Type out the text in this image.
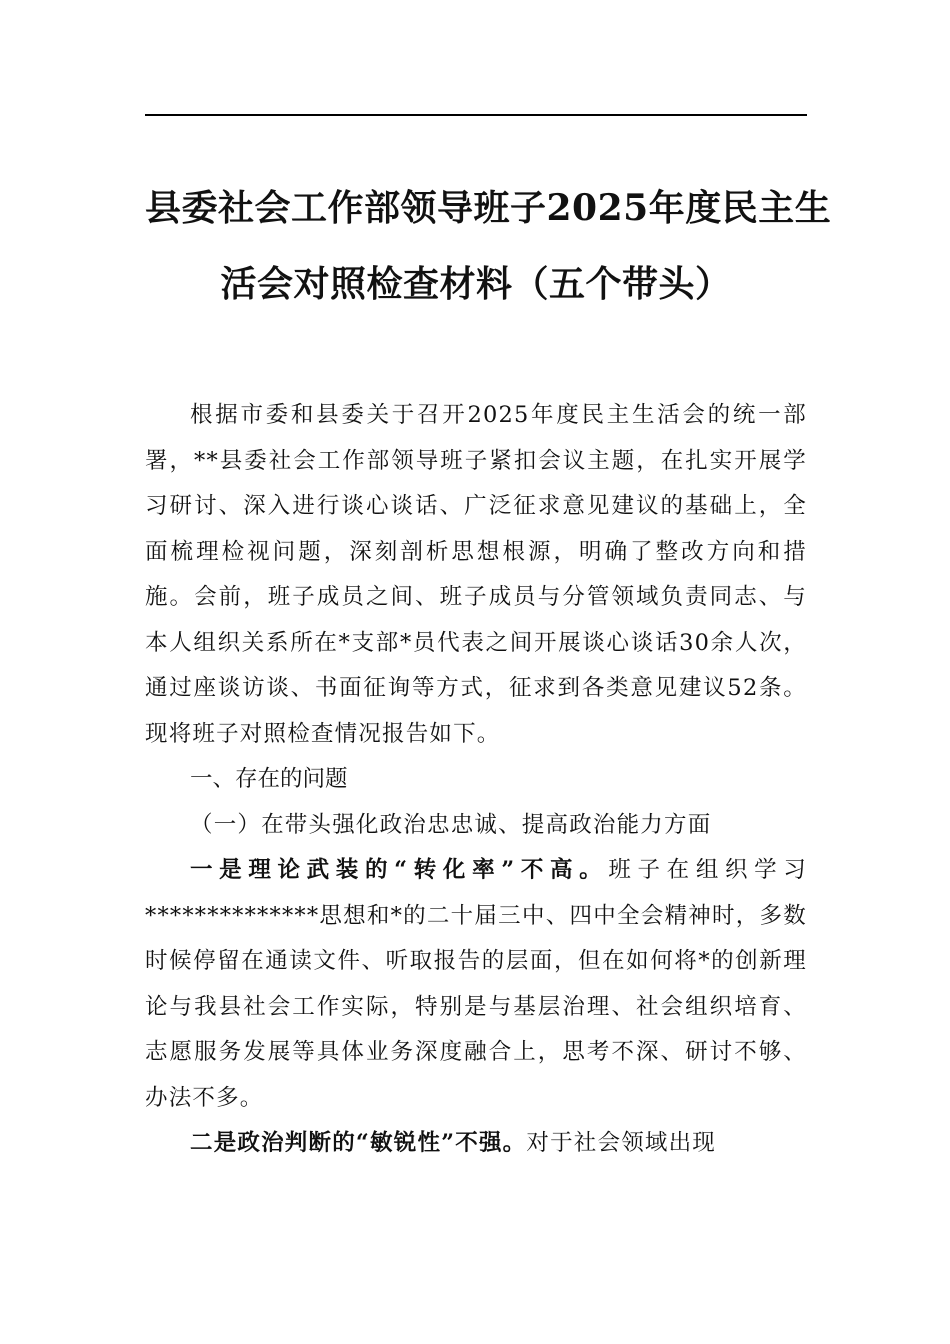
县委社会工作部领导班子2025年度民主生
活会对照检查材料（五个带头）

根据市委和县委关于召开2025年度民主生活会的统一部署，**县委社会工作部领导班子紧扣会议主题，在扎实开展学习研讨、深入进行谈心谈话、广泛征求意见建议的基础上，全面梳理检视问题，深刻剖析思想根源，明确了整改方向和措施。会前，班子成员之间、班子成员与分管领域负责同志、与本人组织关系所在*支部*员代表之间开展谈心谈话30余人次，通过座谈访谈、书面征询等方式，征求到各类意见建议52条。现将班子对照检查情况报告如下。

一、存在的问题

（一）在带头强化政治忠忠诚、提高政治能力方面

一是理论武装的“转化率”不高。班子在组织学习**************思想和*的二十届三中、四中全会精神时，多数时候停留在通读文件、听取报告的层面，但在如何将*的创新理论与我县社会工作实际，特别是与基层治理、社会组织培育、志愿服务发展等具体业务深度融合上，思考不深、研讨不够、办法不多。

二是政治判断的“敏锐性”不强。对于社会领域出现
